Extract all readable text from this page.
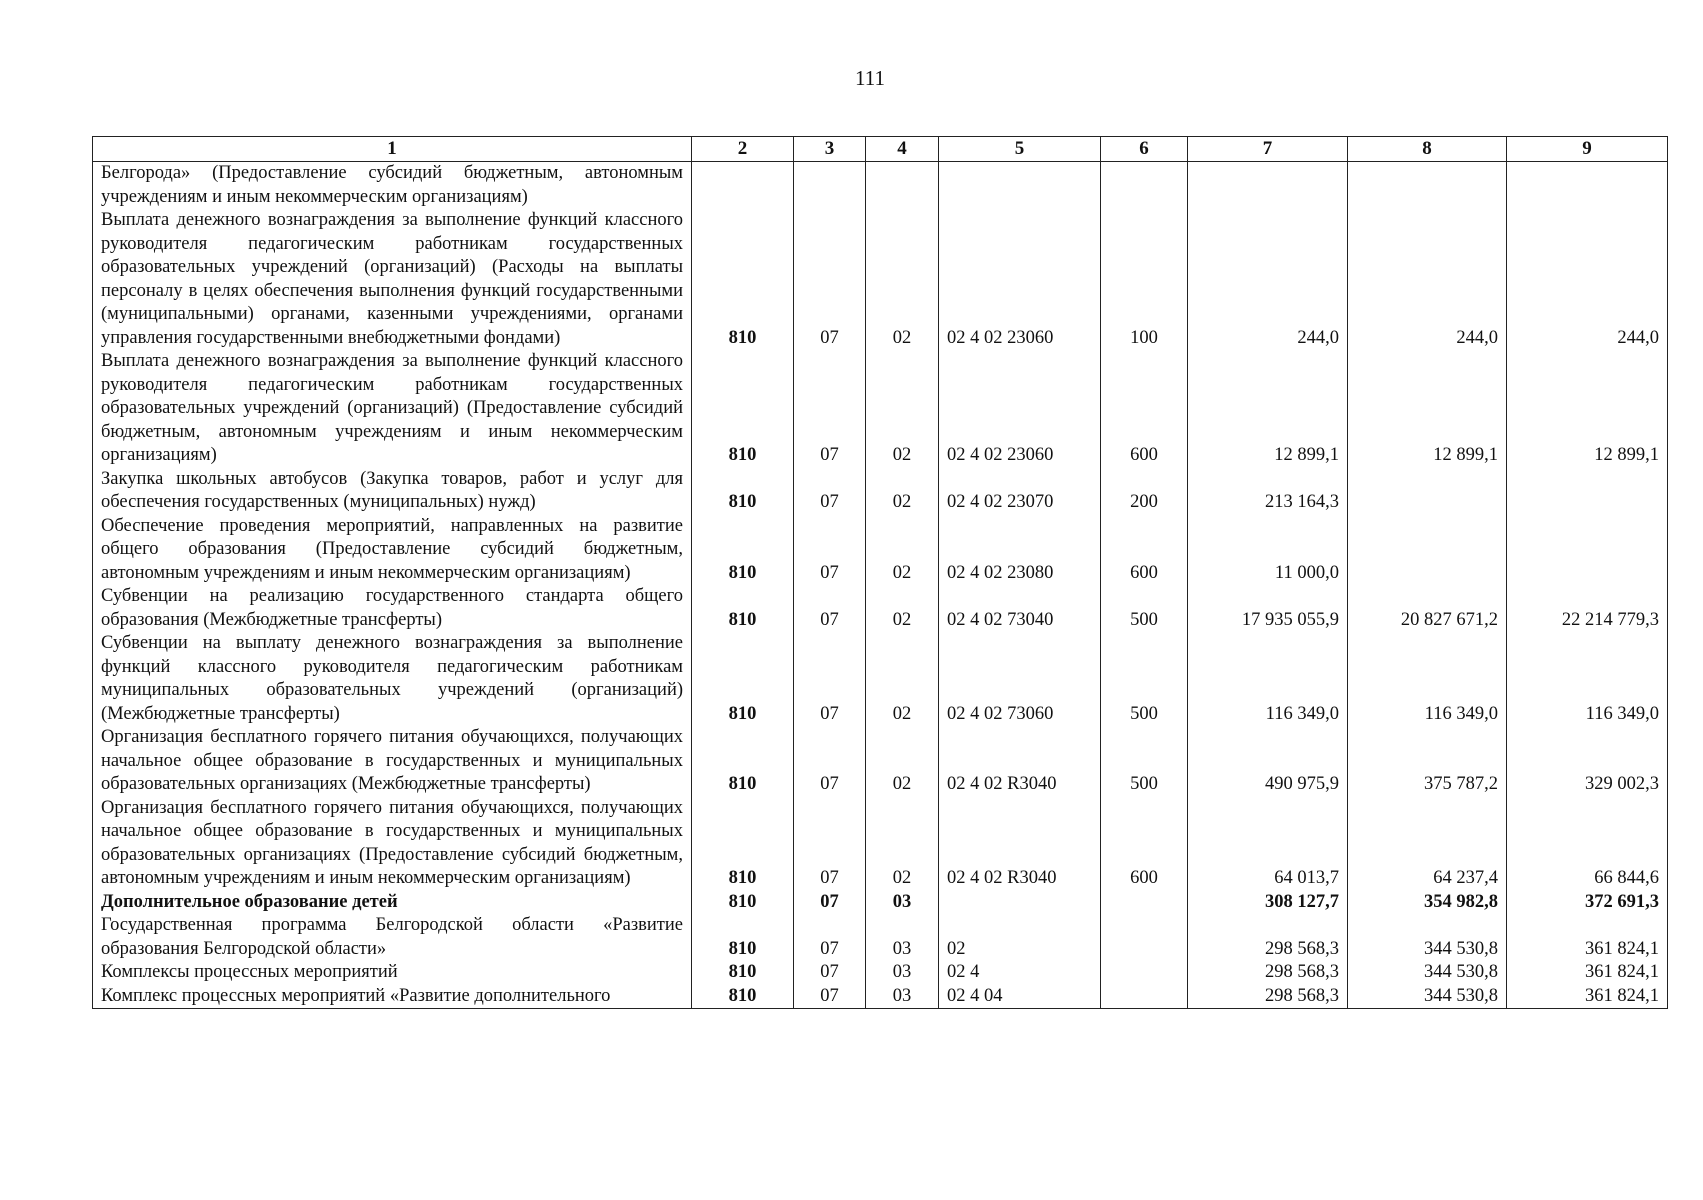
111
1	2	3	4	5	6	7	8	9
Белгорода» (Предоставление субсидий бюджетным, автономным учреждениям и иным некоммерческим организациям)								
Выплата денежного вознаграждения за выполнение функций классного руководителя педагогическим работникам государственных образовательных учреждений (организаций) (Расходы на выплаты персоналу в целях обеспечения выполнения функций государственными (муниципальными) органами, казенными учреждениями, органами управления государственными внебюджетными фондами)	810	07	02	02 4 02 23060	100	244,0	244,0	244,0
Выплата денежного вознаграждения за выполнение функций классного руководителя педагогическим работникам государственных образовательных учреждений (организаций) (Предоставление субсидий бюджетным, автономным учреждениям и иным некоммерческим организациям)	810	07	02	02 4 02 23060	600	12 899,1	12 899,1	12 899,1
Закупка школьных автобусов (Закупка товаров, работ и услуг для обеспечения государственных (муниципальных) нужд)	810	07	02	02 4 02 23070	200	213 164,3		
Обеспечение проведения мероприятий, направленных на развитие общего образования (Предоставление субсидий бюджетным, автономным учреждениям и иным некоммерческим организациям)	810	07	02	02 4 02 23080	600	11 000,0		
Субвенции на реализацию государственного стандарта общего образования (Межбюджетные трансферты)	810	07	02	02 4 02 73040	500	17 935 055,9	20 827 671,2	22 214 779,3
Субвенции на выплату денежного вознаграждения за выполнение функций классного руководителя педагогическим работникам муниципальных образовательных учреждений (организаций) (Межбюджетные трансферты)	810	07	02	02 4 02 73060	500	116 349,0	116 349,0	116 349,0
Организация бесплатного горячего питания обучающихся, получающих начальное общее образование в государственных и муниципальных образовательных организациях (Межбюджетные трансферты)	810	07	02	02 4 02 R3040	500	490 975,9	375 787,2	329 002,3
Организация бесплатного горячего питания обучающихся, получающих начальное общее образование в государственных и муниципальных образовательных организациях (Предоставление субсидий бюджетным, автономным учреждениям и иным некоммерческим организациям)	810	07	02	02 4 02 R3040	600	64 013,7	64 237,4	66 844,6
Дополнительное образование детей	810	07	03			308 127,7	354 982,8	372 691,3
Государственная программа Белгородской области «Развитие образования Белгородской области»	810	07	03	02		298 568,3	344 530,8	361 824,1
Комплексы процессных мероприятий	810	07	03	02 4		298 568,3	344 530,8	361 824,1
Комплекс процессных мероприятий «Развитие дополнительного	810	07	03	02 4 04		298 568,3	344 530,8	361 824,1
